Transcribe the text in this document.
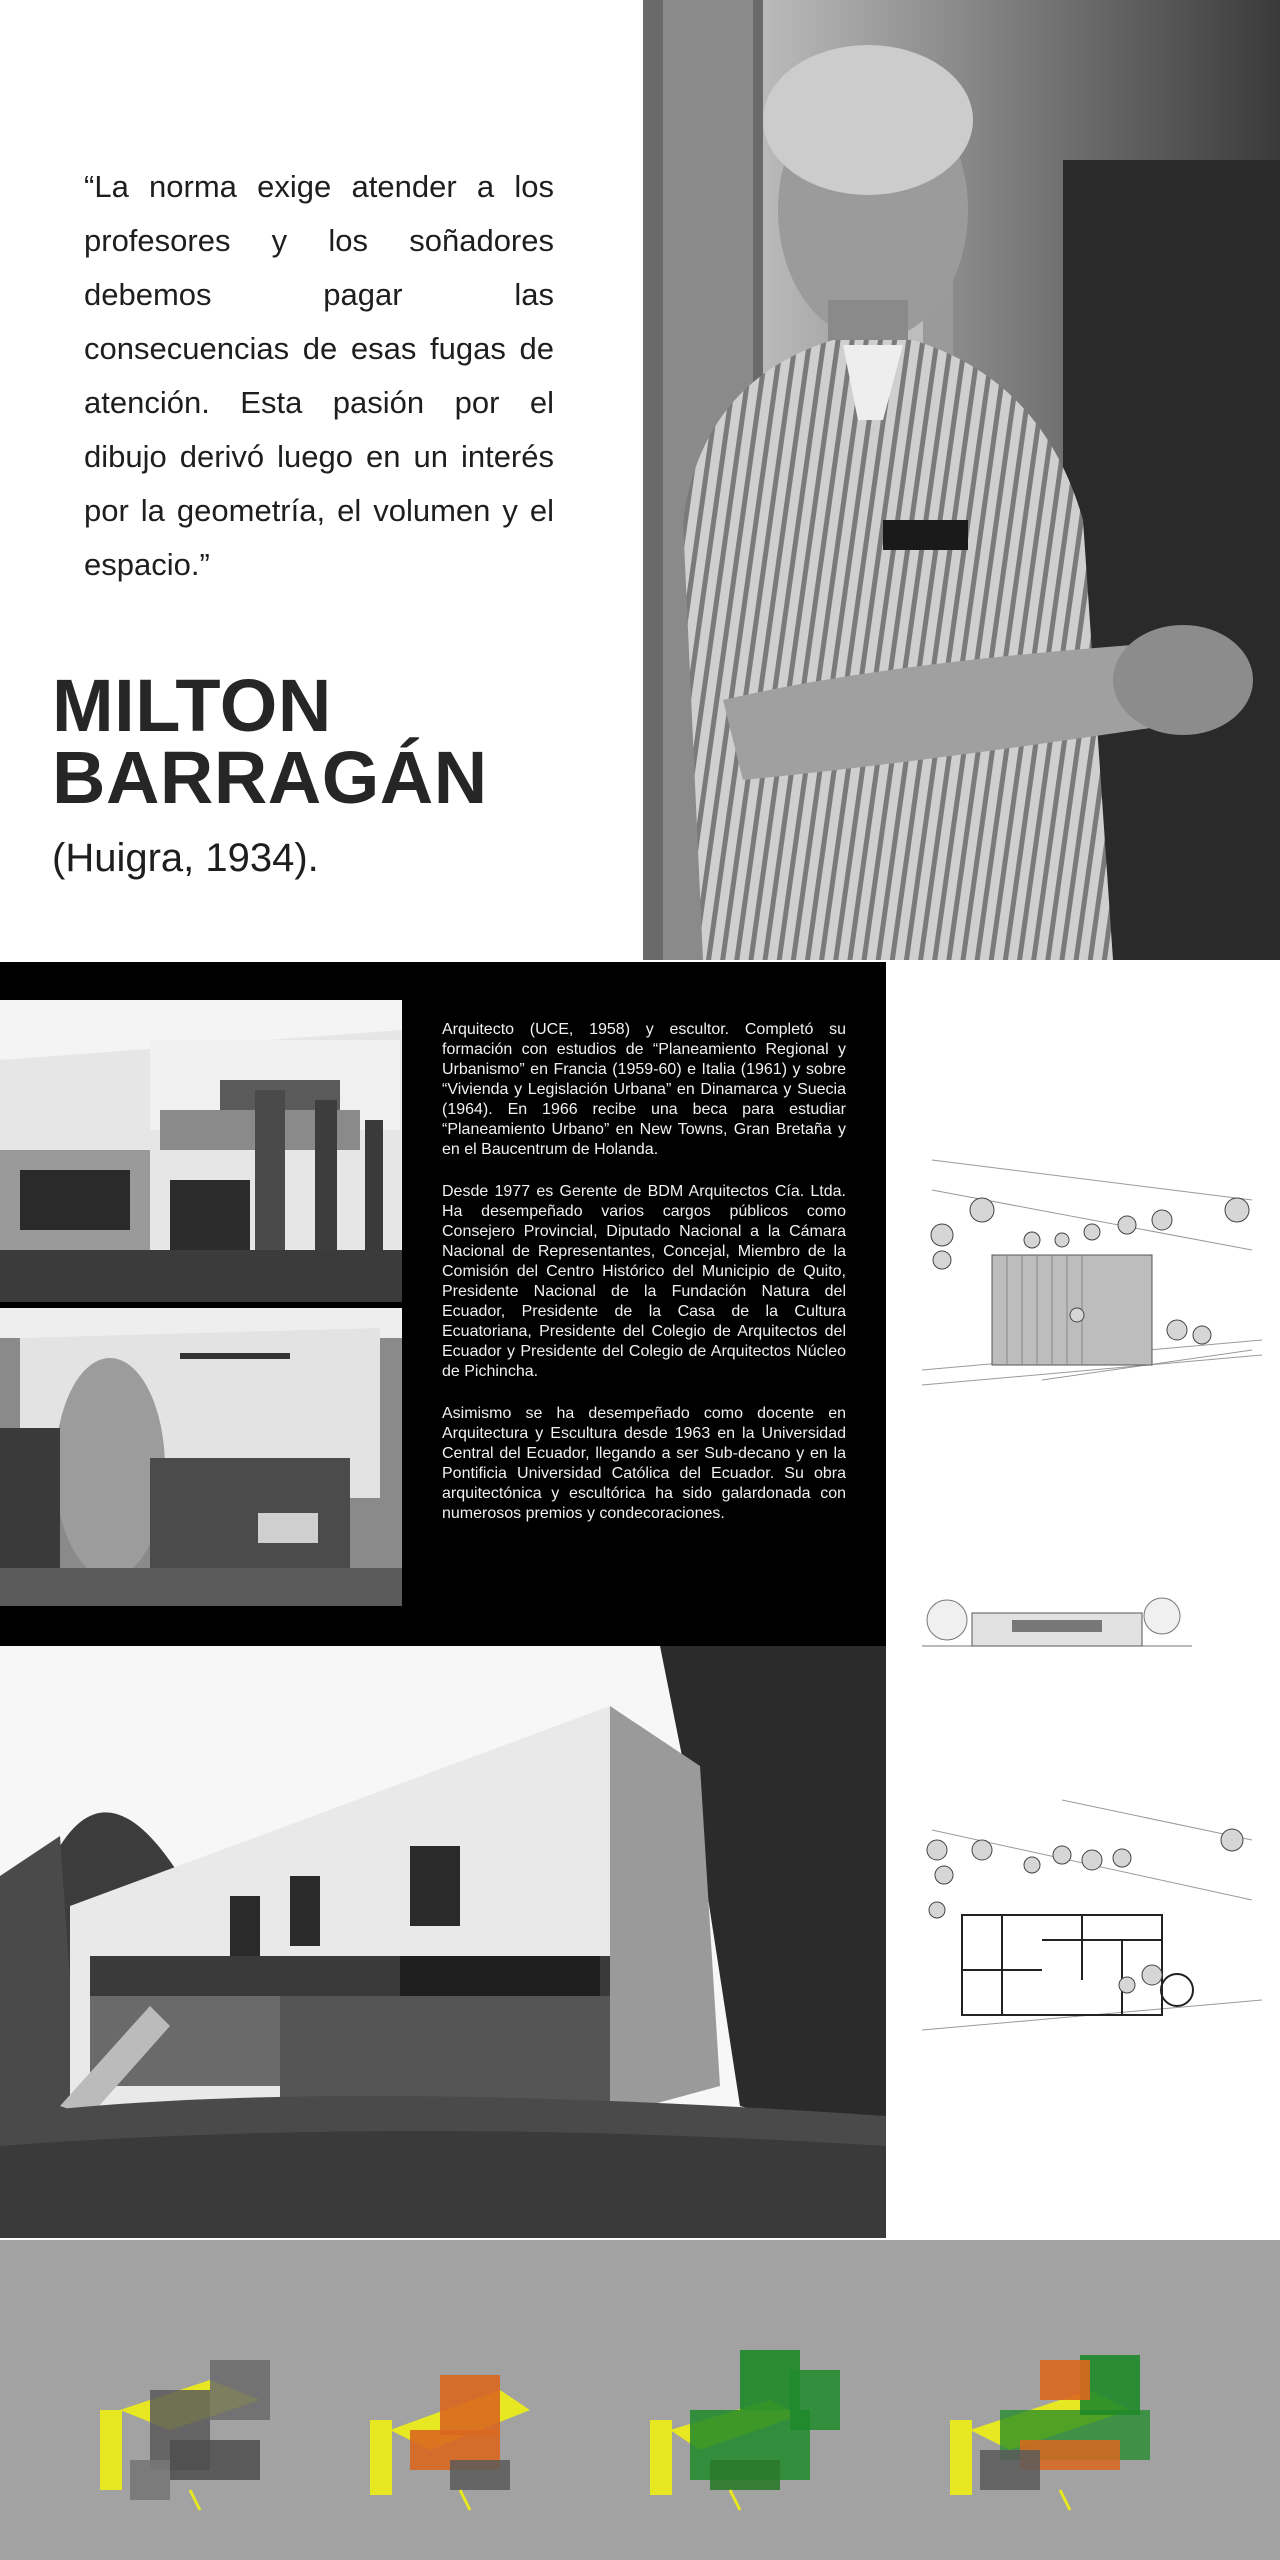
“La norma exige atender a los profesores y los soñadores debemos pagar las consecuencias de esas fugas de atención. Esta pasión por el dibujo derivó luego en un interés por la geometría, el volumen y el espacio.”
MILTON
BARRAGÁN
(Huigra, 1934).

Arquitecto (UCE, 1958) y escultor. Completó su formación con estudios de “Planeamiento Regional y Urbanismo” en Francia (1959-60) e Italia (1961) y sobre “Vivienda y Legislación Urbana” en Dinamarca y Suecia (1964). En 1966 recibe una beca para estudiar “Planeamiento Urbano” en New Towns, Gran Bretaña y en el Baucentrum de Holanda.

Desde 1977 es Gerente de BDM Arquitectos Cía. Ltda. Ha desempeñado varios cargos públicos como Consejero Provincial, Diputado Nacional a la Cámara Nacional de Representantes, Concejal, Miembro de la Comisión del Centro Histórico del Municipio de Quito, Presidente Nacional de la Fundación Natura del Ecuador, Presidente de la Casa de la Cultura Ecuatoriana, Presidente del Colegio de Arquitectos del Ecuador y Presidente del Colegio de Arquitectos Núcleo de Pichincha.

Asimismo se ha desempeñado como docente en Arquitectura y Escultura desde 1963 en la Universidad Central del Ecuador, llegando a ser Sub-decano y en la Pontificia Universidad Católica del Ecuador. Su obra arquitectónica y escultórica ha sido galardonada con numerosos premios y condecoraciones.
